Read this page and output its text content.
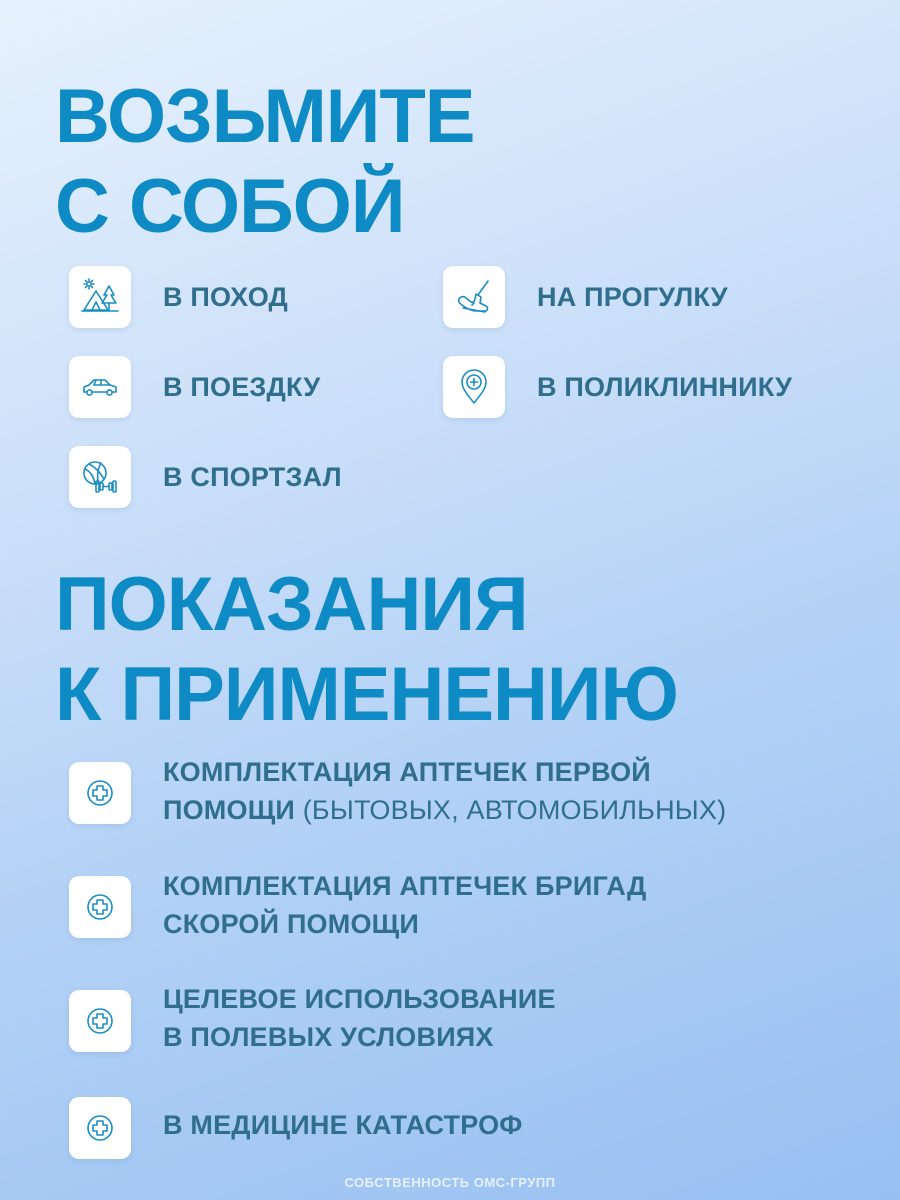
ВОЗЬМИТЕ
С СОБОЙ

В ПОХОД	НА ПРОГУЛКУ

В ПОЕЗДКУ	В ПОЛИКЛИННИКУ

В СПОРТЗАЛ

ПОКАЗАНИЯ
К ПРИМЕНЕНИЮ

КОМПЛЕКТАЦИЯ АПТЕЧЕК ПЕРВОЙ
ПОМОЩИ (БЫТОВЫХ, АВТОМОБИЛЬНЫХ)

КОМПЛЕКТАЦИЯ АПТЕЧЕК БРИГАД
СКОРОЙ ПОМОЩИ

ЦЕЛЕВОЕ ИСПОЛЬЗОВАНИЕ
В ПОЛЕВЫХ УСЛОВИЯХ

В МЕДИЦИНЕ КАТАСТРОФ

СОБСТВЕННОСТЬ ОМС-ГРУПП
